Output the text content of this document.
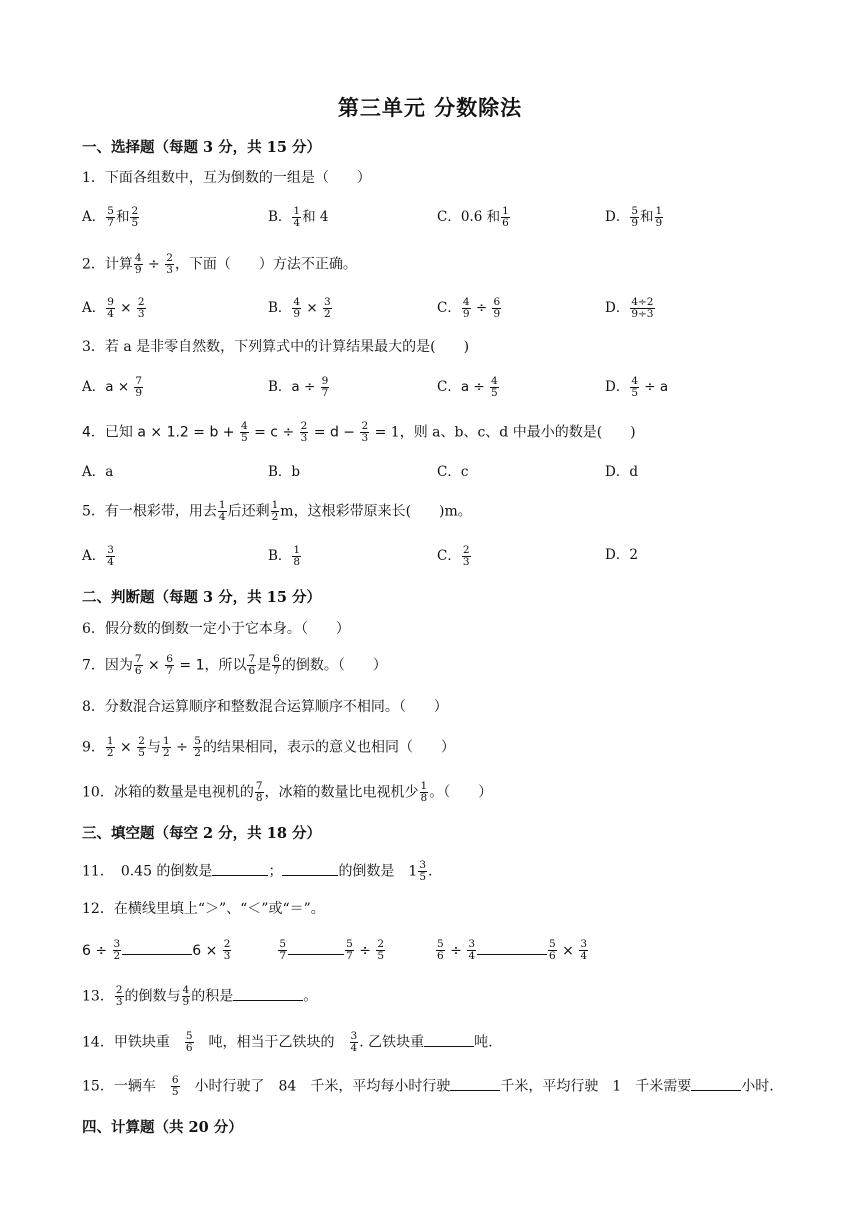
第三单元 分数除法
一、选择题（每题 3 分，共 15 分）
1．下面各组数中，互为倒数的一组是（　　）
A． $\frac{5}{7}$ 和 $\frac{2}{5}$	B． $\frac{1}{4}$ 和 4	C．0.6 和 $\frac{1}{6}$	D． $\frac{5}{9}$ 和 $\frac{1}{9}$
2．计算 $\frac{4}{9} \div \frac{2}{3}$ ，下面（　　）方法不正确。
A． $\frac{9}{4} \times \frac{2}{3}$	B． $\frac{4}{9} \times \frac{3}{2}$	C． $\frac{4}{9} \div \frac{6}{9}$	D． $\frac{4\div 2}{9\div 3}$
3．若 a 是非零自然数，下列算式中的计算结果最大的是(　　)
A．$a \times \frac{7}{9}$	B．$a \div \frac{9}{7}$	C．$a \div \frac{4}{5}$	D． $\frac{4}{5} \div a$
4．已知 $a \times 1.2 = b + \frac{4}{5} = c \div \frac{2}{3} = d - \frac{2}{3} = 1$，则 a、b、c、d 中最小的数是(　　)
A．a	B．b	C．c	D．d
5．有一根彩带，用去 $\frac{1}{4}$ 后还剩 $\frac{1}{2}$ m，这根彩带原来长(　　)m。
A． $\frac{3}{4}$	B． $\frac{1}{8}$	C． $\frac{2}{3}$	D．2
二、判断题（每题 3 分，共 15 分）
6．假分数的倒数一定小于它本身。（　　）
7．因为 $\frac{7}{6} \times \frac{6}{7} = 1$，所以 $\frac{7}{6}$ 是 $\frac{6}{7}$ 的倒数。（　　）
8．分数混合运算顺序和整数混合运算顺序不相同。（　　）
9． $\frac{1}{2} \times \frac{2}{5}$ 与 $\frac{1}{2} \div \frac{5}{2}$ 的结果相同，表示的意义也相同（　　）
10．冰箱的数量是电视机的 $\frac{7}{8}$ ，冰箱的数量比电视机少 $\frac{1}{8}$ 。（　　）
三、填空题（每空 2 分，共 18 分）
11．　0.45 的倒数是	；	的倒数是　$1 \frac{3}{5}$ .
12．在横线里填上“＞”、“＜”或“＝”。
$6 \div \frac{3}{2}$	$6 \times \frac{2}{3}$
	$\frac{5}{7}$	$\frac{5}{7} \div \frac{2}{5}$
	$\frac{5}{6} \div \frac{3}{4}$	$\frac{5}{6} \times \frac{3}{4}$
13． $\frac{2}{3}$ 的倒数与 $\frac{4}{9}$ 的积是	。
14．甲铁块重　 $\frac{5}{6}$ 　吨，相当于乙铁块的　 $\frac{3}{4}$ . 乙铁块重	吨.
15．一辆车　 $\frac{6}{5}$ 　小时行驶了　84　千米，平均每小时行驶	千米，平均行驶　1　千米需要	小时.
四、计算题（共 20 分）
